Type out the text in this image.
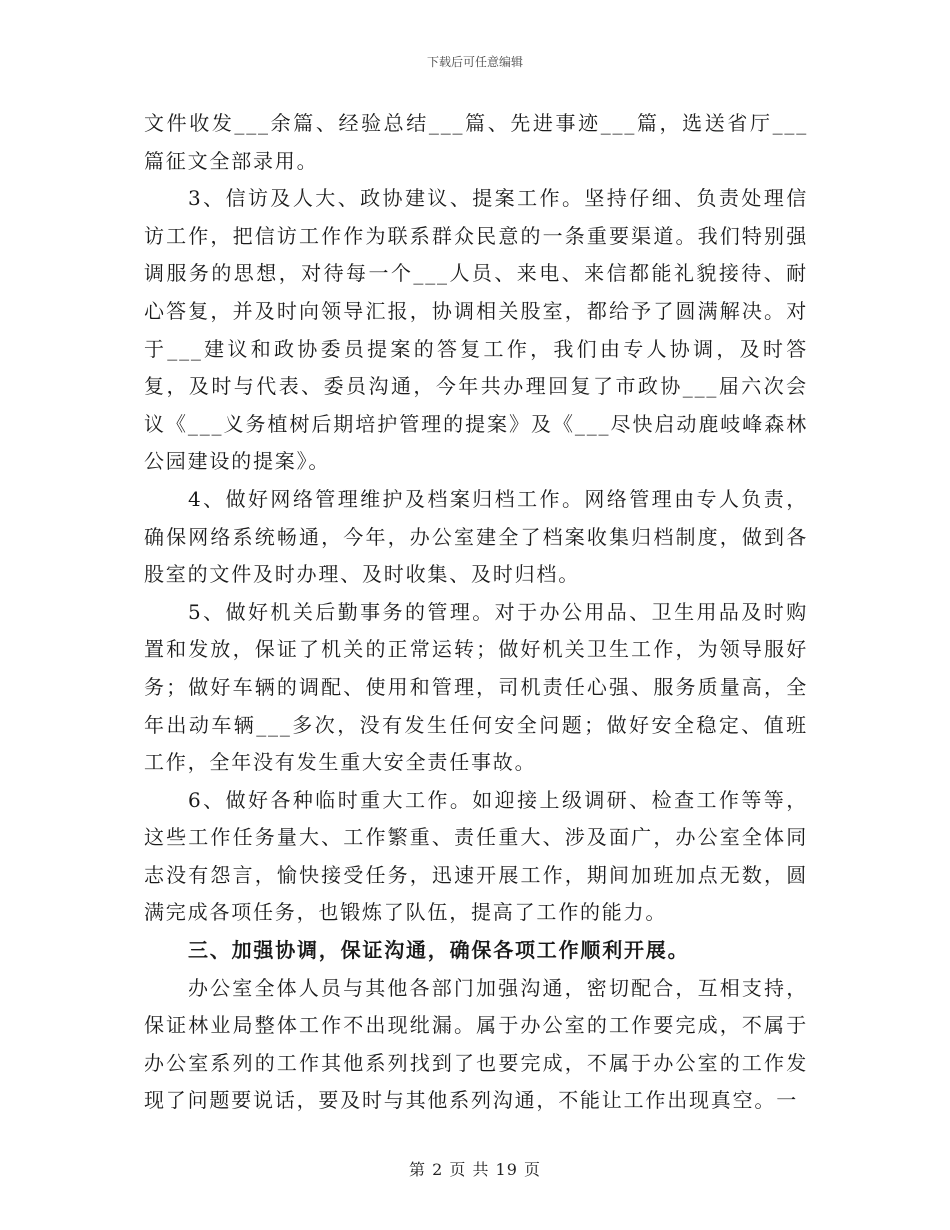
下载后可任意编辑

文件收发___余篇、经验总结___篇、先进事迹___篇，选送省厅___篇征文全部录用。

3、信访及人大、政协建议、提案工作。坚持仔细、负责处理信访工作，把信访工作作为联系群众民意的一条重要渠道。我们特别强调服务的思想，对待每一个___人员、来电、来信都能礼貌接待、耐心答复，并及时向领导汇报，协调相关股室，都给予了圆满解决。对于___建议和政协委员提案的答复工作，我们由专人协调，及时答复，及时与代表、委员沟通，今年共办理回复了市政协___届六次会议《___义务植树后期培护管理的提案》及《___尽快启动鹿岐峰森林公园建设的提案》。

4、做好网络管理维护及档案归档工作。网络管理由专人负责，确保网络系统畅通，今年，办公室建全了档案收集归档制度，做到各股室的文件及时办理、及时收集、及时归档。

5、做好机关后勤事务的管理。对于办公用品、卫生用品及时购置和发放，保证了机关的正常运转；做好机关卫生工作，为领导服好务；做好车辆的调配、使用和管理，司机责任心强、服务质量高，全年出动车辆___多次，没有发生任何安全问题；做好安全稳定、值班工作，全年没有发生重大安全责任事故。

6、做好各种临时重大工作。如迎接上级调研、检查工作等等，这些工作任务量大、工作繁重、责任重大、涉及面广，办公室全体同志没有怨言，愉快接受任务，迅速开展工作，期间加班加点无数，圆满完成各项任务，也锻炼了队伍，提高了工作的能力。

三、加强协调，保证沟通，确保各项工作顺利开展。

办公室全体人员与其他各部门加强沟通，密切配合，互相支持，保证林业局整体工作不出现纰漏。属于办公室的工作要完成，不属于办公室系列的工作其他系列找到了也要完成，不属于办公室的工作发现了问题要说话，要及时与其他系列沟通，不能让工作出现真空。一

第 2 页 共 19 页
